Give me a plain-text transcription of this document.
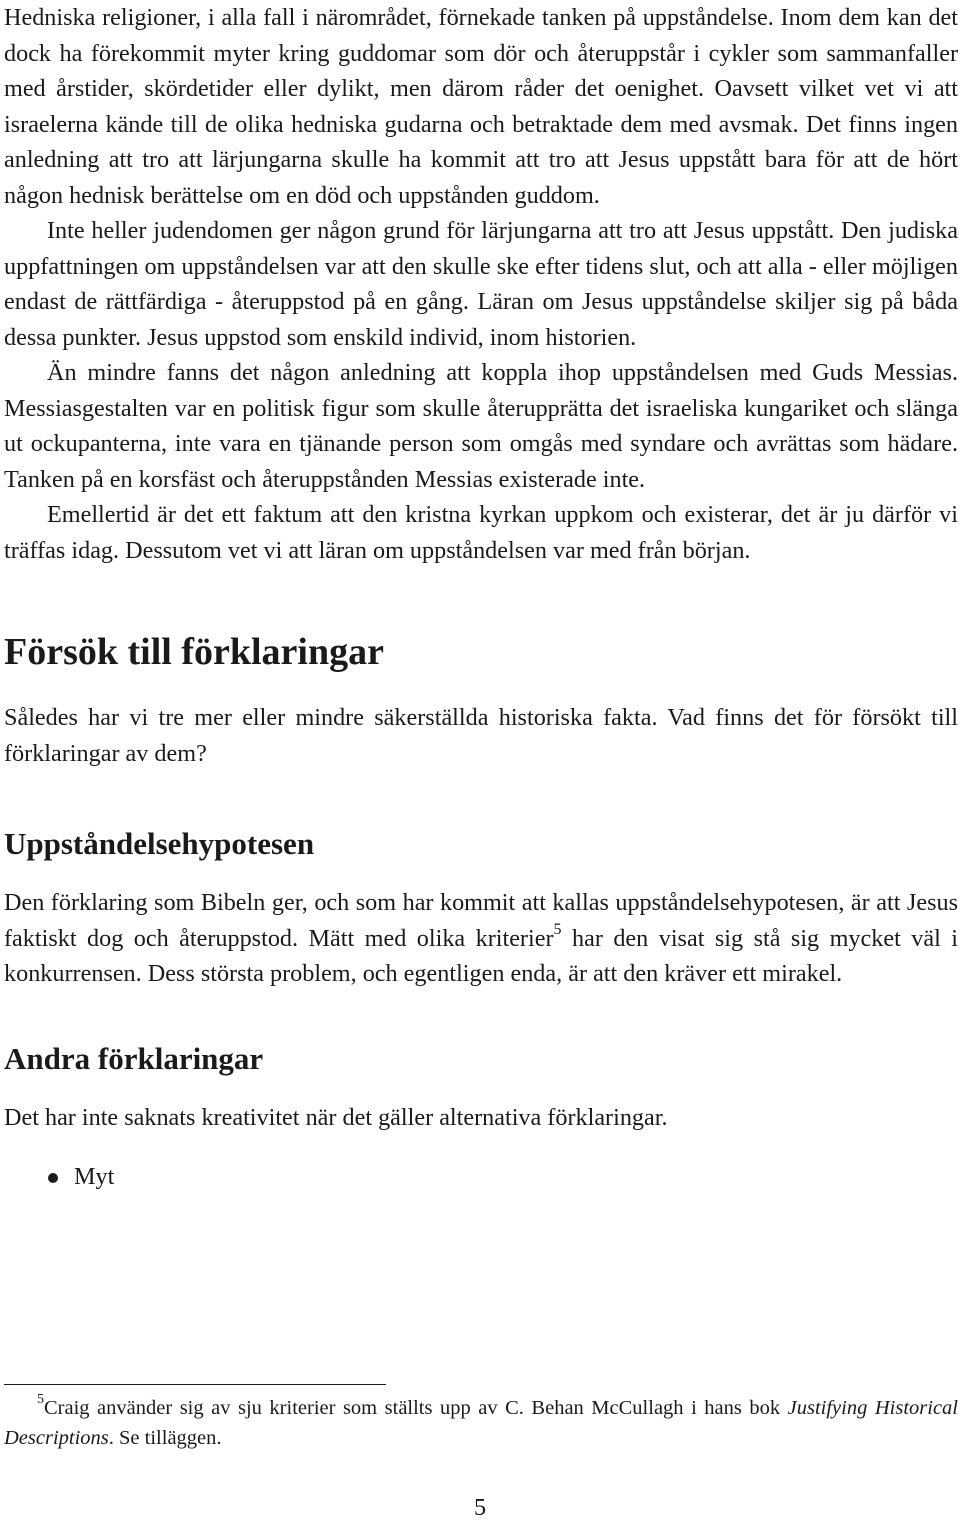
Hedniska religioner, i alla fall i närområdet, förnekade tanken på uppståndelse. Inom dem kan det dock ha förekommit myter kring guddomar som dör och återuppstår i cykler som sammanfaller med årstider, skördetider eller dylikt, men därom råder det oenighet. Oavsett vilket vet vi att israelerna kände till de olika hedniska gudarna och betraktade dem med avsmak. Det finns ingen anledning att tro att lärjungarna skulle ha kommit att tro att Jesus uppstått bara för att de hört någon hednisk berättelse om en död och uppstånden guddom.

Inte heller judendomen ger någon grund för lärjungarna att tro att Jesus uppstått. Den judiska uppfattningen om uppståndelsen var att den skulle ske efter tidens slut, och att alla - eller möjligen endast de rättfärdiga - återuppstod på en gång. Läran om Jesus uppståndelse skiljer sig på båda dessa punkter. Jesus uppstod som enskild individ, inom historien.

Än mindre fanns det någon anledning att koppla ihop uppståndelsen med Guds Messias. Messiasgestalten var en politisk figur som skulle återupprätta det israeliska kungariket och slänga ut ockupanterna, inte vara en tjänande person som omgås med syndare och avrättas som hädare. Tanken på en korsfäst och återuppstånden Messias existerade inte.

Emellertid är det ett faktum att den kristna kyrkan uppkom och existerar, det är ju därför vi träffas idag. Dessutom vet vi att läran om uppståndelsen var med från början.

Försök till förklaringar

Således har vi tre mer eller mindre säkerställda historiska fakta. Vad finns det för försökt till förklaringar av dem?

Uppståndelsehypotesen

Den förklaring som Bibeln ger, och som har kommit att kallas uppståndelsehypotesen, är att Jesus faktiskt dog och återuppstod. Mätt med olika kriterier$^5$ har den visat sig stå sig mycket väl i konkurrensen. Dess största problem, och egentligen enda, är att den kräver ett mirakel.

Andra förklaringar

Det har inte saknats kreativitet när det gäller alternativa förklaringar.

Myt

$^5$Craig använder sig av sju kriterier som ställts upp av C. Behan McCullagh i hans bok Justifying Historical Descriptions. Se tilläggen.

5
